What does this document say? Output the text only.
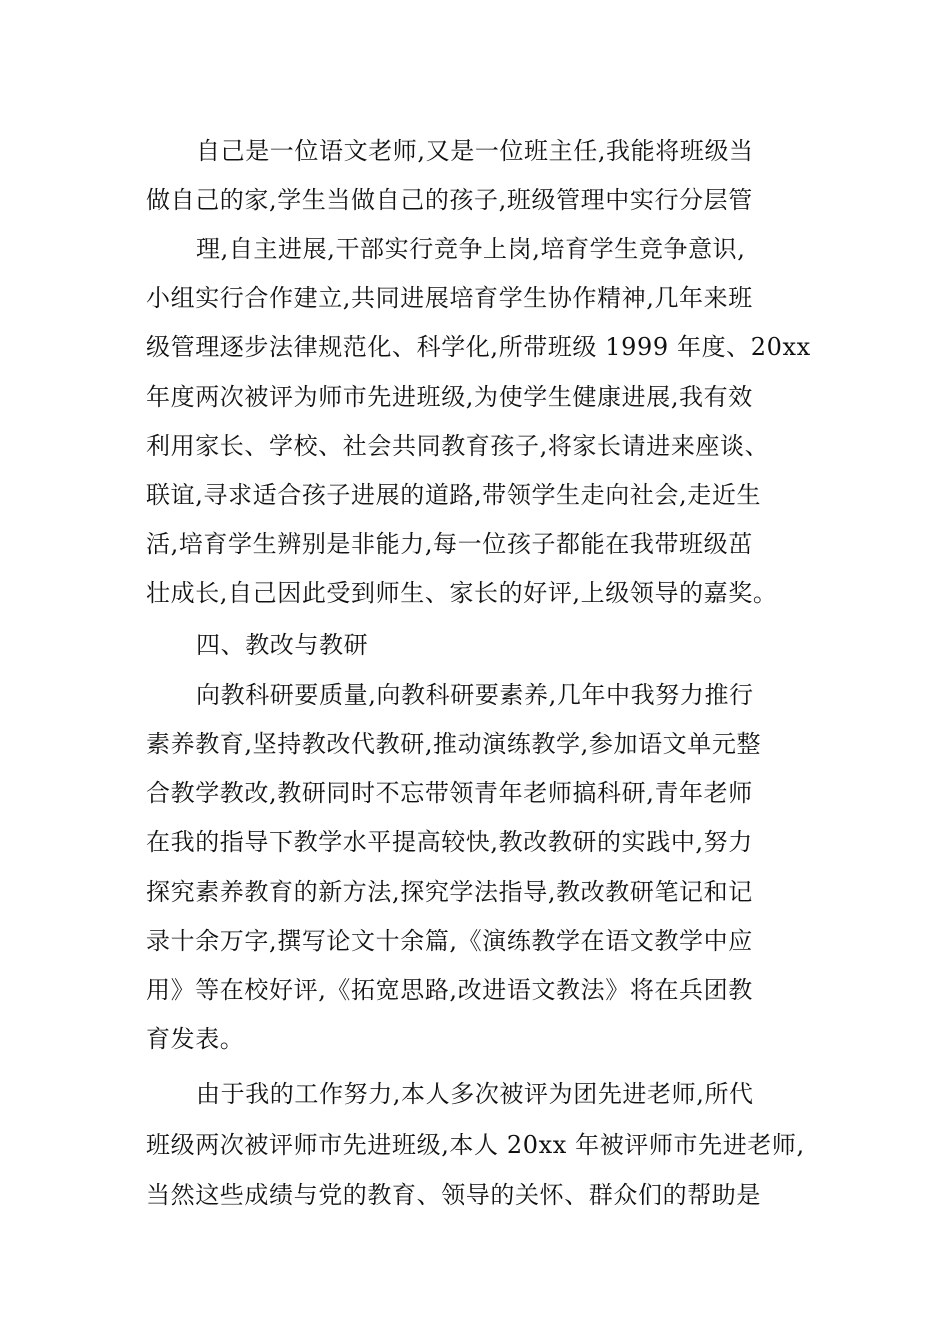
自己是一位语文老师,又是一位班主任,我能将班级当
做自己的家,学生当做自己的孩子,班级管理中实行分层管
理,自主进展,干部实行竞争上岗,培育学生竞争意识,
小组实行合作建立,共同进展培育学生协作精神,几年来班
级管理逐步法律规范化、科学化,所带班级 1999 年度、20xx
年度两次被评为师市先进班级,为使学生健康进展,我有效
利用家长、学校、社会共同教育孩子,将家长请进来座谈、
联谊,寻求适合孩子进展的道路,带领学生走向社会,走近生
活,培育学生辨别是非能力,每一位孩子都能在我带班级茁
壮成长,自己因此受到师生、家长的好评,上级领导的嘉奖。
四、教改与教研
向教科研要质量,向教科研要素养,几年中我努力推行
素养教育,坚持教改代教研,推动演练教学,参加语文单元整
合教学教改,教研同时不忘带领青年老师搞科研,青年老师
在我的指导下教学水平提高较快,教改教研的实践中,努力
探究素养教育的新方法,探究学法指导,教改教研笔记和记
录十余万字,撰写论文十余篇,《演练教学在语文教学中应
用》等在校好评,《拓宽思路,改进语文教法》将在兵团教
育发表。
由于我的工作努力,本人多次被评为团先进老师,所代
班级两次被评师市先进班级,本人 20xx 年被评师市先进老师,
当然这些成绩与党的教育、领导的关怀、群众们的帮助是
